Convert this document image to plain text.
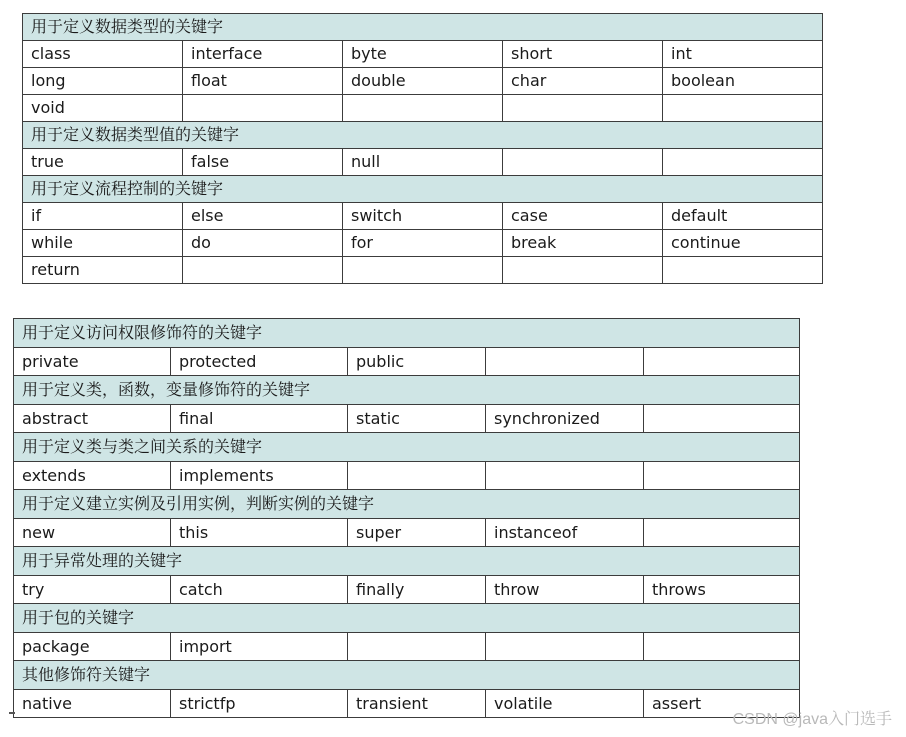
用于定义数据类型的关键字				
class	interface	byte	short	int
long	float	double	char	boolean
void				
用于定义数据类型值的关键字				
true	false	null		
用于定义流程控制的关键字				
if	else	switch	case	default
while	do	for	break	continue
return				
用于定义访问权限修饰符的关键字				
private	protected	public		
用于定义类，函数，变量修饰符的关键字				
abstract	final	static	synchronized	
用于定义类与类之间关系的关键字				
extends	implements			
用于定义建立实例及引用实例，判断实例的关键字				
new	this	super	instanceof	
用于异常处理的关键字				
try	catch	finally	throw	throws
用于包的关键字				
package	import			
其他修饰符关键字				
native	strictfp	transient	volatile	assert
CSDN @java入门选手
